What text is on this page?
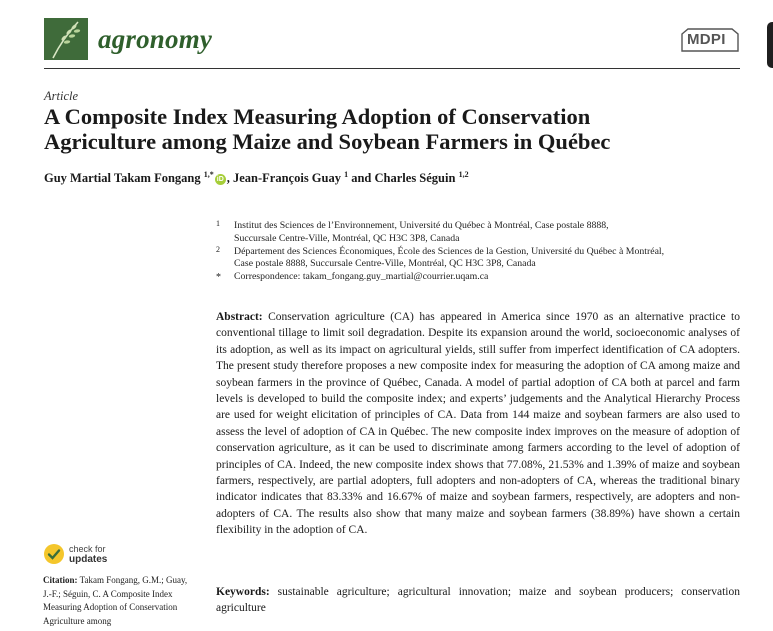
agronomy	MDPI
Article
A Composite Index Measuring Adoption of Conservation
Agriculture among Maize and Soybean Farmers in Québec
Guy Martial Takam Fongang $^{1,*}$iD , Jean-François Guay $^1$ and Charles Séguin $^{1,2}$
1 Institut des Sciences de l’Environnement, Université du Québec à Montréal, Case postale 8888,
Succursale Centre-Ville, Montréal, QC H3C 3P8, Canada
2 Département des Sciences Économiques, École des Sciences de la Gestion, Université du Québec à Montréal,
Case postale 8888, Succursale Centre-Ville, Montréal, QC H3C 3P8, Canada
* Correspondence: takam_fongang.guy_martial@courrier.uqam.ca
Abstract: Conservation agriculture (CA) has appeared in America since 1970 as an alternative practice to conventional tillage to limit soil degradation. Despite its expansion around the world, socioeconomic analyses of its adoption, as well as its impact on agricultural yields, still suffer from imperfect identification of CA adopters. The present study therefore proposes a new composite index for measuring the adoption of CA among maize and soybean farmers in the province of Québec, Canada. A model of partial adoption of CA both at parcel and farm levels is developed to build the composite index; and experts’ judgements and the Analytical Hierarchy Process are used for weight elicitation of principles of CA. Data from 144 maize and soybean farmers are also used to assess the level of adoption of CA in Québec. The new composite index improves on the measure of adoption of conservation agriculture, as it can be used to discriminate among farmers according to the level of adoption of principles of CA. Indeed, the new composite index shows that 77.08%, 21.53% and 1.39% of maize and soybean farmers, respectively, are partial adopters, full adopters and non-adopters of CA, whereas the traditional binary indicator indicates that 83.33% and 16.67% of maize and soybean farmers, respectively, are adopters and non-adopters of CA. The results also show that many maize and soybean farmers (38.89%) have shown a certain flexibility in the adoption of CA.
Keywords: sustainable agriculture; agricultural innovation; maize and soybean producers; conservation agriculture
check for
updates
Citation: Takam Fongang, G.M.; Guay, J.-F.; Séguin, C. A Composite Index Measuring Adoption of Conservation Agriculture among
